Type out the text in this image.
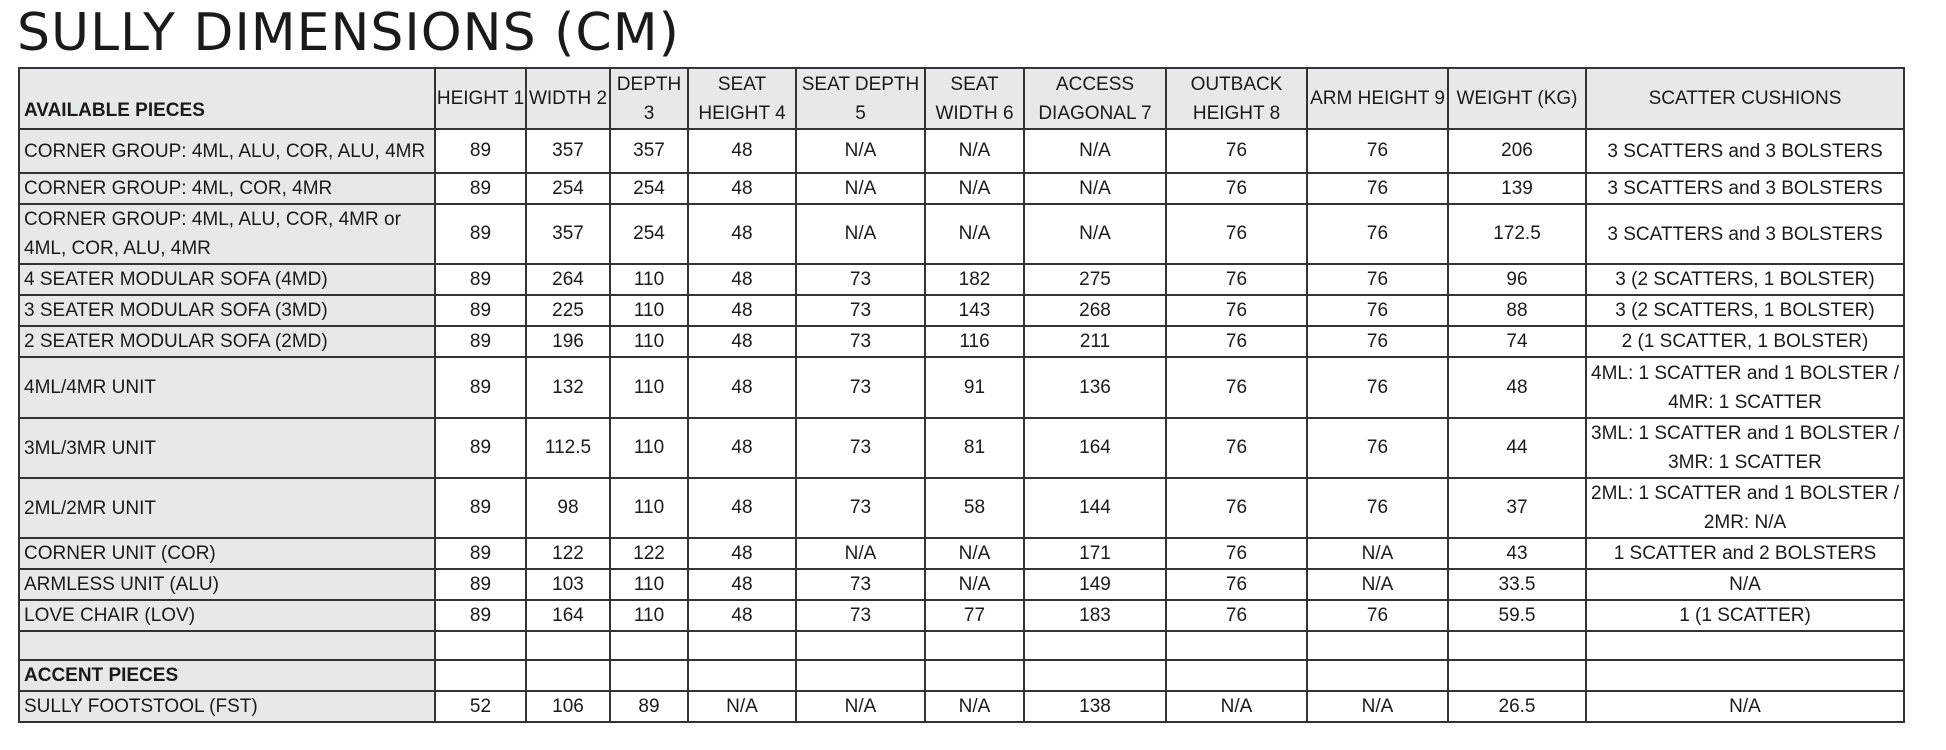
SULLY DIMENSIONS (CM)
AVAILABLE PIECES	HEIGHT 1	WIDTH 2	DEPTH 3	SEAT HEIGHT 4	SEAT DEPTH 5	SEAT WIDTH 6	ACCESS DIAGONAL 7	OUTBACK HEIGHT 8	ARM HEIGHT 9	WEIGHT (KG)	SCATTER CUSHIONS
CORNER GROUP: 4ML, ALU, COR, ALU, 4MR	89	357	357	48	N/A	N/A	N/A	76	76	206	3 SCATTERS and 3 BOLSTERS
CORNER GROUP: 4ML, COR, 4MR	89	254	254	48	N/A	N/A	N/A	76	76	139	3 SCATTERS and 3 BOLSTERS
CORNER GROUP: 4ML, ALU, COR, 4MR or 4ML, COR, ALU, 4MR	89	357	254	48	N/A	N/A	N/A	76	76	172.5	3 SCATTERS and 3 BOLSTERS
4 SEATER MODULAR SOFA (4MD)	89	264	110	48	73	182	275	76	76	96	3 (2 SCATTERS, 1 BOLSTER)
3 SEATER MODULAR SOFA (3MD)	89	225	110	48	73	143	268	76	76	88	3 (2 SCATTERS, 1 BOLSTER)
2 SEATER MODULAR SOFA (2MD)	89	196	110	48	73	116	211	76	76	74	2 (1 SCATTER, 1 BOLSTER)
4ML/4MR UNIT	89	132	110	48	73	91	136	76	76	48	4ML: 1 SCATTER and 1 BOLSTER / 4MR: 1 SCATTER
3ML/3MR UNIT	89	112.5	110	48	73	81	164	76	76	44	3ML: 1 SCATTER and 1 BOLSTER / 3MR: 1 SCATTER
2ML/2MR UNIT	89	98	110	48	73	58	144	76	76	37	2ML: 1 SCATTER and 1 BOLSTER / 2MR: N/A
CORNER UNIT (COR)	89	122	122	48	N/A	N/A	171	76	N/A	43	1 SCATTER and 2 BOLSTERS
ARMLESS UNIT (ALU)	89	103	110	48	73	N/A	149	76	N/A	33.5	N/A
LOVE CHAIR (LOV)	89	164	110	48	73	77	183	76	76	59.5	1 (1 SCATTER)

ACCENT PIECES											
SULLY FOOTSTOOL (FST)	52	106	89	N/A	N/A	N/A	138	N/A	N/A	26.5	N/A
